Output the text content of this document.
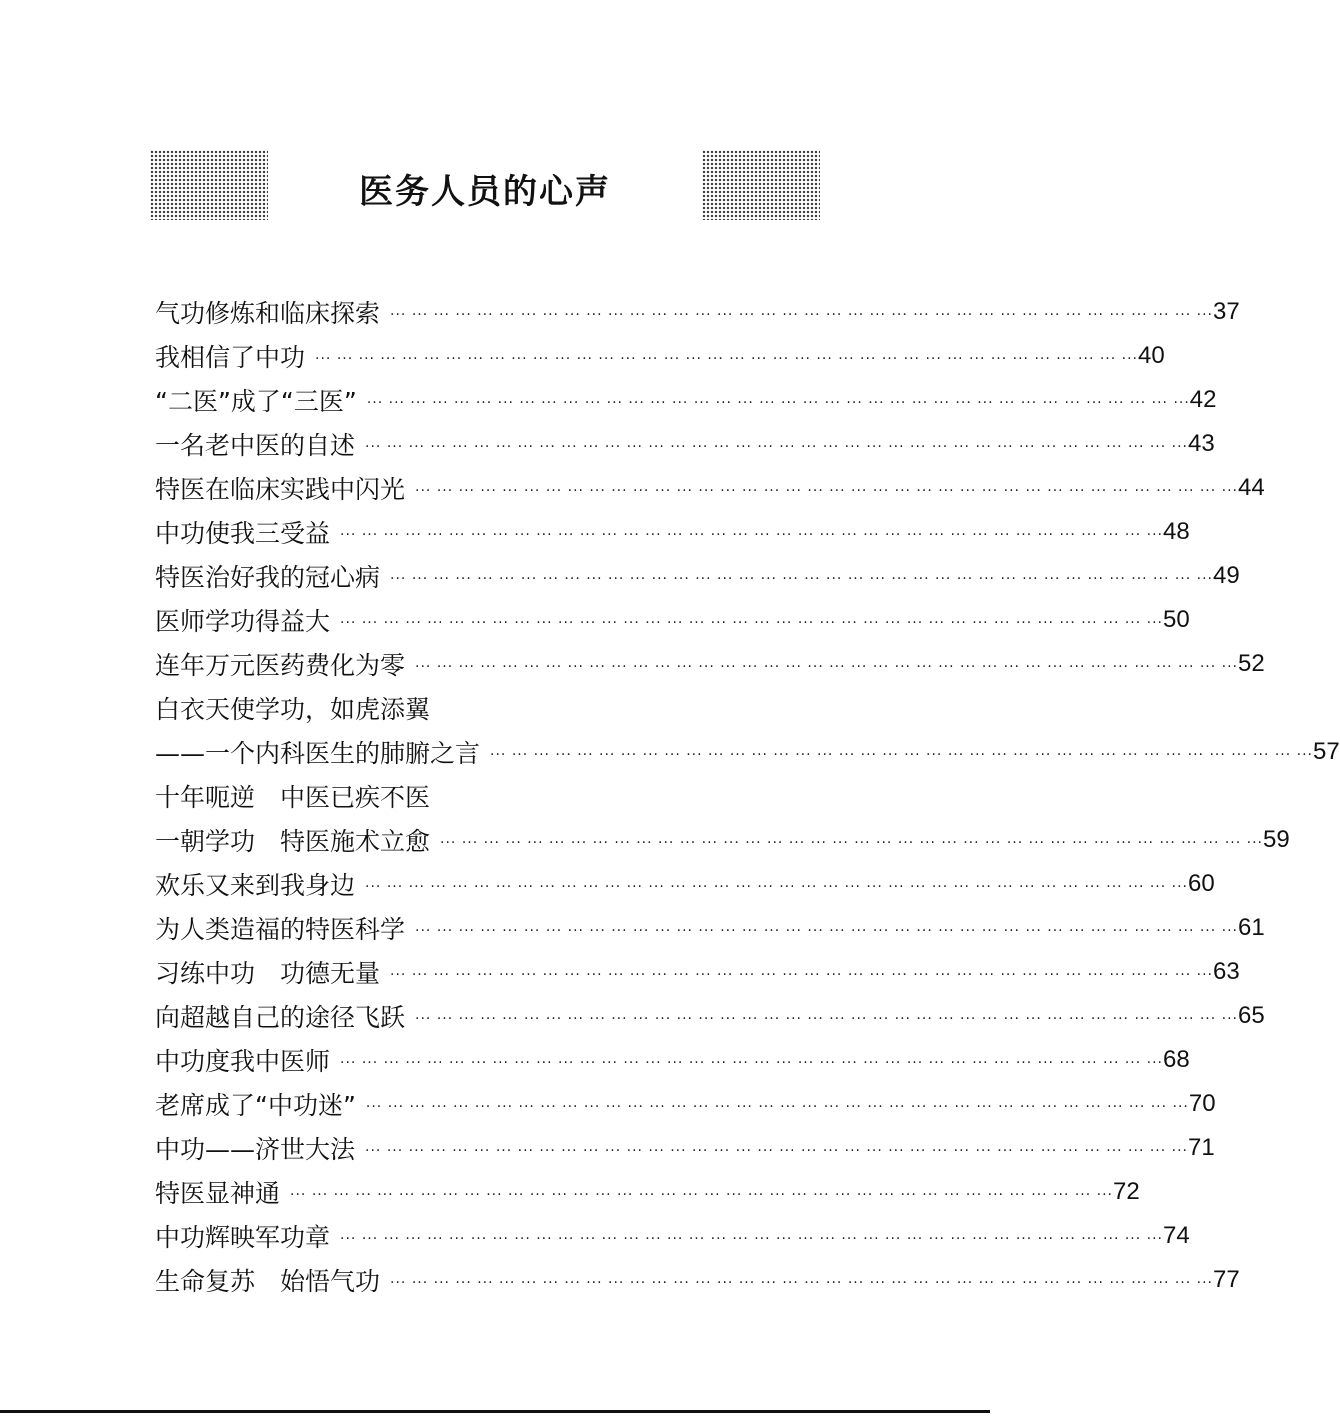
医务人员的心声
气功修炼和临床探索 ··· ··· ··· ··· ··· ··· ··· ··· ··· ··· ··· ··· ··· ··· ··· ··· ··· ··· ··· ··· ··· ··· ··· ··· ··· ··· ··· ··· ··· ··· ··· ··· ··· ··· ··· ··· ··· ··· 37
我相信了中功 ··· ··· ··· ··· ··· ··· ··· ··· ··· ··· ··· ··· ··· ··· ··· ··· ··· ··· ··· ··· ··· ··· ··· ··· ··· ··· ··· ··· ··· ··· ··· ··· ··· ··· ··· ··· ··· ··· 40
“二医”成了“三医” ··· ··· ··· ··· ··· ··· ··· ··· ··· ··· ··· ··· ··· ··· ··· ··· ··· ··· ··· ··· ··· ··· ··· ··· ··· ··· ··· ··· ··· ··· ··· ··· ··· ··· ··· ··· ··· ··· 42
一名老中医的自述 ··· ··· ··· ··· ··· ··· ··· ··· ··· ··· ··· ··· ··· ··· ··· ··· ··· ··· ··· ··· ··· ··· ··· ··· ··· ··· ··· ··· ··· ··· ··· ··· ··· ··· ··· ··· ··· ··· 43
特医在临床实践中闪光 ··· ··· ··· ··· ··· ··· ··· ··· ··· ··· ··· ··· ··· ··· ··· ··· ··· ··· ··· ··· ··· ··· ··· ··· ··· ··· ··· ··· ··· ··· ··· ··· ··· ··· ··· ··· ··· ··· 44
中功使我三受益 ··· ··· ··· ··· ··· ··· ··· ··· ··· ··· ··· ··· ··· ··· ··· ··· ··· ··· ··· ··· ··· ··· ··· ··· ··· ··· ··· ··· ··· ··· ··· ··· ··· ··· ··· ··· ··· ··· 48
特医治好我的冠心病 ··· ··· ··· ··· ··· ··· ··· ··· ··· ··· ··· ··· ··· ··· ··· ··· ··· ··· ··· ··· ··· ··· ··· ··· ··· ··· ··· ··· ··· ··· ··· ··· ··· ··· ··· ··· ··· ··· 49
医师学功得益大 ··· ··· ··· ··· ··· ··· ··· ··· ··· ··· ··· ··· ··· ··· ··· ··· ··· ··· ··· ··· ··· ··· ··· ··· ··· ··· ··· ··· ··· ··· ··· ··· ··· ··· ··· ··· ··· ··· 50
连年万元医药费化为零 ··· ··· ··· ··· ··· ··· ··· ··· ··· ··· ··· ··· ··· ··· ··· ··· ··· ··· ··· ··· ··· ··· ··· ··· ··· ··· ··· ··· ··· ··· ··· ··· ··· ··· ··· ··· ··· ··· 52
白衣天使学功，如虎添翼
——一个内科医生的肺腑之言 ··· ··· ··· ··· ··· ··· ··· ··· ··· ··· ··· ··· ··· ··· ··· ··· ··· ··· ··· ··· ··· ··· ··· ··· ··· ··· ··· ··· ··· ··· ··· ··· ··· ··· ··· ··· ··· ··· 57
十年呃逆　中医已疾不医
一朝学功　特医施术立愈 ··· ··· ··· ··· ··· ··· ··· ··· ··· ··· ··· ··· ··· ··· ··· ··· ··· ··· ··· ··· ··· ··· ··· ··· ··· ··· ··· ··· ··· ··· ··· ··· ··· ··· ··· ··· ··· ··· 59
欢乐又来到我身边 ··· ··· ··· ··· ··· ··· ··· ··· ··· ··· ··· ··· ··· ··· ··· ··· ··· ··· ··· ··· ··· ··· ··· ··· ··· ··· ··· ··· ··· ··· ··· ··· ··· ··· ··· ··· ··· ··· 60
为人类造福的特医科学 ··· ··· ··· ··· ··· ··· ··· ··· ··· ··· ··· ··· ··· ··· ··· ··· ··· ··· ··· ··· ··· ··· ··· ··· ··· ··· ··· ··· ··· ··· ··· ··· ··· ··· ··· ··· ··· ··· 61
习练中功　功德无量 ··· ··· ··· ··· ··· ··· ··· ··· ··· ··· ··· ··· ··· ··· ··· ··· ··· ··· ··· ··· ··· ··· ··· ··· ··· ··· ··· ··· ··· ··· ··· ··· ··· ··· ··· ··· ··· ··· 63
向超越自己的途径飞跃 ··· ··· ··· ··· ··· ··· ··· ··· ··· ··· ··· ··· ··· ··· ··· ··· ··· ··· ··· ··· ··· ··· ··· ··· ··· ··· ··· ··· ··· ··· ··· ··· ··· ··· ··· ··· ··· ··· 65
中功度我中医师 ··· ··· ··· ··· ··· ··· ··· ··· ··· ··· ··· ··· ··· ··· ··· ··· ··· ··· ··· ··· ··· ··· ··· ··· ··· ··· ··· ··· ··· ··· ··· ··· ··· ··· ··· ··· ··· ··· 68
老席成了“中功迷” ··· ··· ··· ··· ··· ··· ··· ··· ··· ··· ··· ··· ··· ··· ··· ··· ··· ··· ··· ··· ··· ··· ··· ··· ··· ··· ··· ··· ··· ··· ··· ··· ··· ··· ··· ··· ··· ··· 70
中功——济世大法 ··· ··· ··· ··· ··· ··· ··· ··· ··· ··· ··· ··· ··· ··· ··· ··· ··· ··· ··· ··· ··· ··· ··· ··· ··· ··· ··· ··· ··· ··· ··· ··· ··· ··· ··· ··· ··· ··· 71
特医显神通 ··· ··· ··· ··· ··· ··· ··· ··· ··· ··· ··· ··· ··· ··· ··· ··· ··· ··· ··· ··· ··· ··· ··· ··· ··· ··· ··· ··· ··· ··· ··· ··· ··· ··· ··· ··· ··· ··· 72
中功辉映军功章 ··· ··· ··· ··· ··· ··· ··· ··· ··· ··· ··· ··· ··· ··· ··· ··· ··· ··· ··· ··· ··· ··· ··· ··· ··· ··· ··· ··· ··· ··· ··· ··· ··· ··· ··· ··· ··· ··· 74
生命复苏　始悟气功 ··· ··· ··· ··· ··· ··· ··· ··· ··· ··· ··· ··· ··· ··· ··· ··· ··· ··· ··· ··· ··· ··· ··· ··· ··· ··· ··· ··· ··· ··· ··· ··· ··· ··· ··· ··· ··· ··· 77
